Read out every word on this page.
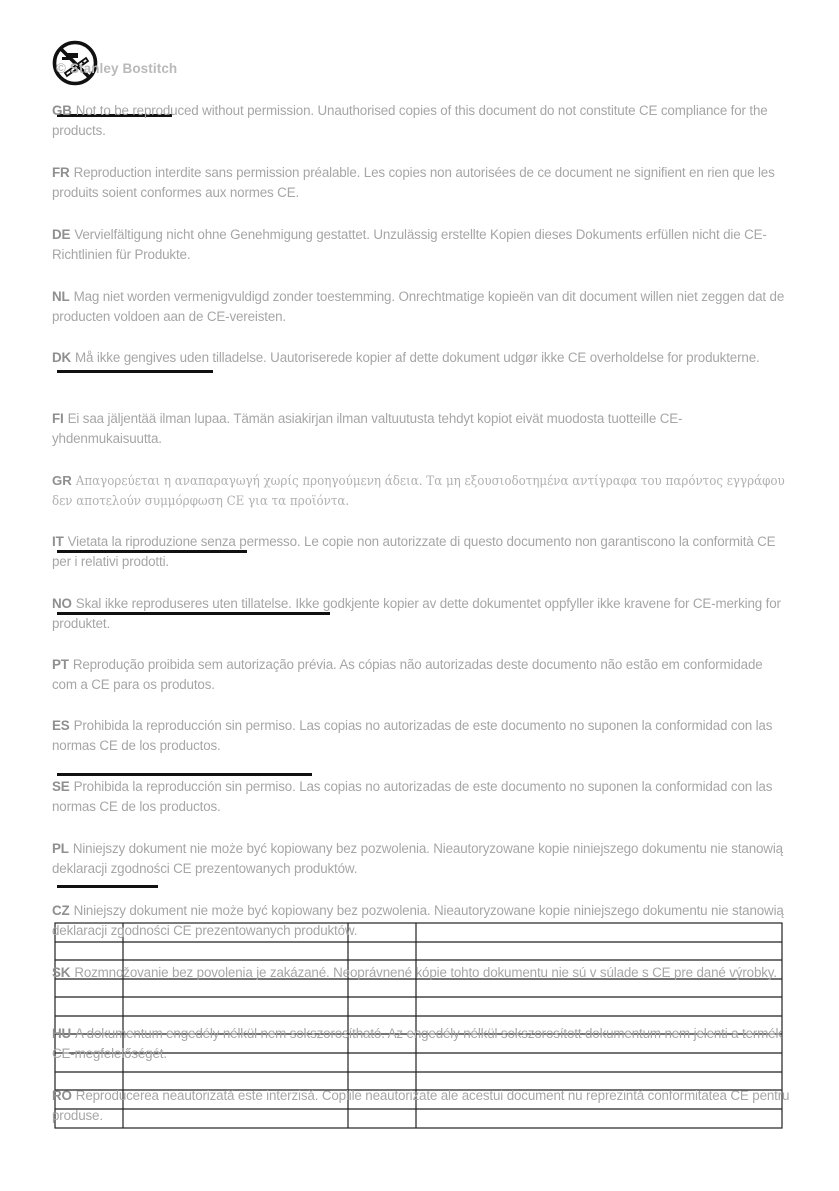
© Stanley Bostitch
GB Not to be reproduced without permission. Unauthorised copies of this document do not constitute CE compliance for the products.
FR Reproduction interdite sans permission préalable. Les copies non autorisées de ce document ne signifient en rien que les produits soient conformes aux normes CE.
DE Vervielfältigung nicht ohne Genehmigung gestattet. Unzulässig erstellte Kopien dieses Dokuments erfüllen nicht die CE-Richtlinien für Produkte.
NL Mag niet worden vermenigvuldigd zonder toestemming. Onrechtmatige kopieën van dit document willen niet zeggen dat de producten voldoen aan de CE-vereisten.
DK Må ikke gengives uden tilladelse. Uautoriserede kopier af dette dokument udgør ikke CE overholdelse for produkterne.
FI Ei saa jäljentää ilman lupaa. Tämän asiakirjan ilman valtuutusta tehdyt kopiot eivät muodosta tuotteille CE-yhdenmukaisuutta.
GR Απαγορεύεται η αναπαραγωγή χωρίς προηγούμενη άδεια. Τα μη εξουσιοδοτημένα αντίγραφα του παρόντος εγγράφου δεν αποτελούν συμμόρφωση CE για τα προϊόντα.
IT Vietata la riproduzione senza permesso. Le copie non autorizzate di questo documento non garantiscono la conformità CE per i relativi prodotti.
NO Skal ikke reproduseres uten tillatelse. Ikke godkjente kopier av dette dokumentet oppfyller ikke kravene for CE-merking for produktet.
PT Reprodução proibida sem autorização prévia. As cópias não autorizadas deste documento não estão em conformidade com a CE para os produtos.
ES Prohibida la reproducción sin permiso. Las copias no autorizadas de este documento no suponen la conformidad con las normas CE de los productos.
SE Prohibida la reproducción sin permiso. Las copias no autorizadas de este documento no suponen la conformidad con las normas CE de los productos.
PL Niniejszy dokument nie może być kopiowany bez pozwolenia. Nieautoryzowane kopie niniejszego dokumentu nie stanowią deklaracji zgodności CE prezentowanych produktów.
CZ Niniejszy dokument nie może być kopiowany bez pozwolenia. Nieautoryzowane kopie niniejszego dokumentu nie stanowią deklaracji zgodności CE prezentowanych produktów.
SK Rozmnožovanie bez povolenia je zakázané. Neoprávnené kópie tohto dokumentu nie sú v súlade s CE pre dané výrobky.
HU A dokumentum engedély nélkül nem sokszorosítható. Az engedély nélkül sokszorosított dokumentum nem jelenti a termék CE-megfelelőségét.
RO Reproducerea neautorizată este interzisă. Copiile neautorizate ale acestui document nu reprezintă conformitatea CE pentru produse.
